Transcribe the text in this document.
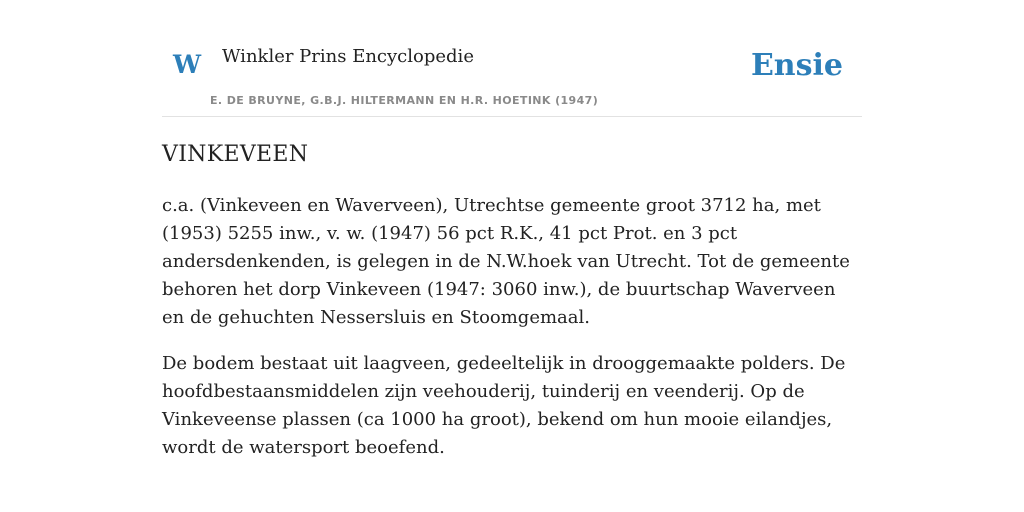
W Winkler Prins Encyclopedie
E. DE BRUYNE, G.B.J. HILTERMANN EN H.R. HOETINK (1947)
Ensie
VINKEVEEN

c.a. (Vinkeveen en Waverveen), Utrechtse gemeente groot 3712 ha, met (1953) 5255 inw., v. w. (1947) 56 pct R.K., 41 pct Prot. en 3 pct andersdenkenden, is gelegen in de N.W.hoek van Utrecht. Tot de gemeente behoren het dorp Vinkeveen (1947: 3060 inw.), de buurtschap Waverveen en de gehuchten Nessersluis en Stoomgemaal.

De bodem bestaat uit laagveen, gedeeltelijk in drooggemaakte polders. De hoofdbestaansmiddelen zijn veehouderij, tuinderij en veenderij. Op de Vinkeveense plassen (ca 1000 ha groot), bekend om hun mooie eilandjes, wordt de watersport beoefend.
